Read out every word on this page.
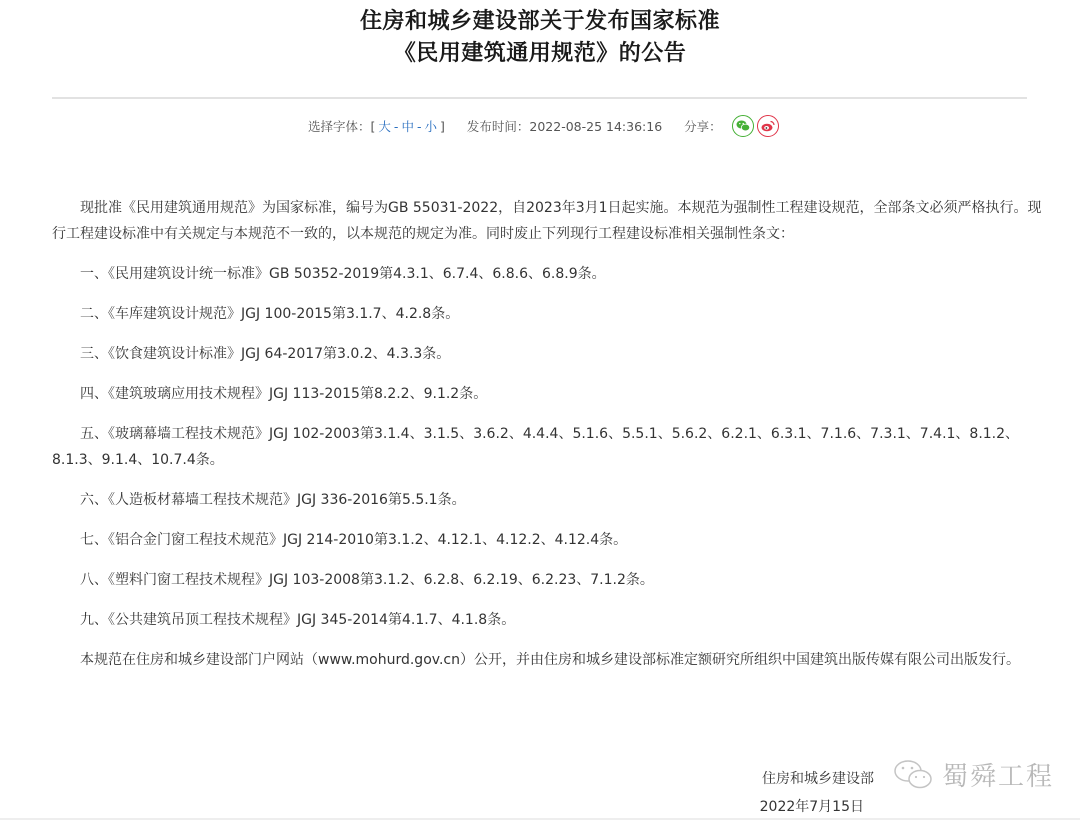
住房和城乡建设部关于发布国家标准
《民用建筑通用规范》的公告
选择字体： [ 大 - 中 - 小 ] 发布时间：2022-08-25 14:36:16 分享：

现批准《民用建筑通用规范》为国家标准，编号为GB 55031-2022，自2023年3月1日起实施。本规范为强制性工程建设规范，全部条文必须严格执行。现行工程建设标准中有关规定与本规范不一致的，以本规范的规定为准。同时废止下列现行工程建设标准相关强制性条文：

一、《民用建筑设计统一标准》GB 50352-2019第4.3.1、6.7.4、6.8.6、6.8.9条。

二、《车库建筑设计规范》JGJ 100-2015第3.1.7、4.2.8条。

三、《饮食建筑设计标准》JGJ 64-2017第3.0.2、4.3.3条。

四、《建筑玻璃应用技术规程》JGJ 113-2015第8.2.2、9.1.2条。

五、《玻璃幕墙工程技术规范》JGJ 102-2003第3.1.4、3.1.5、3.6.2、4.4.4、5.1.6、5.5.1、5.6.2、6.2.1、6.3.1、7.1.6、7.3.1、7.4.1、8.1.2、8.1.3、9.1.4、10.7.4条。

六、《人造板材幕墙工程技术规范》JGJ 336-2016第5.5.1条。

七、《铝合金门窗工程技术规范》JGJ 214-2010第3.1.2、4.12.1、4.12.2、4.12.4条。

八、《塑料门窗工程技术规程》JGJ 103-2008第3.1.2、6.2.8、6.2.19、6.2.23、7.1.2条。

九、《公共建筑吊顶工程技术规程》JGJ 345-2014第4.1.7、4.1.8条。

本规范在住房和城乡建设部门户网站（www.mohurd.gov.cn）公开，并由住房和城乡建设部标准定额研究所组织中国建筑出版传媒有限公司出版发行。

住房和城乡建设部
2022年7月15日
蜀舜工程
